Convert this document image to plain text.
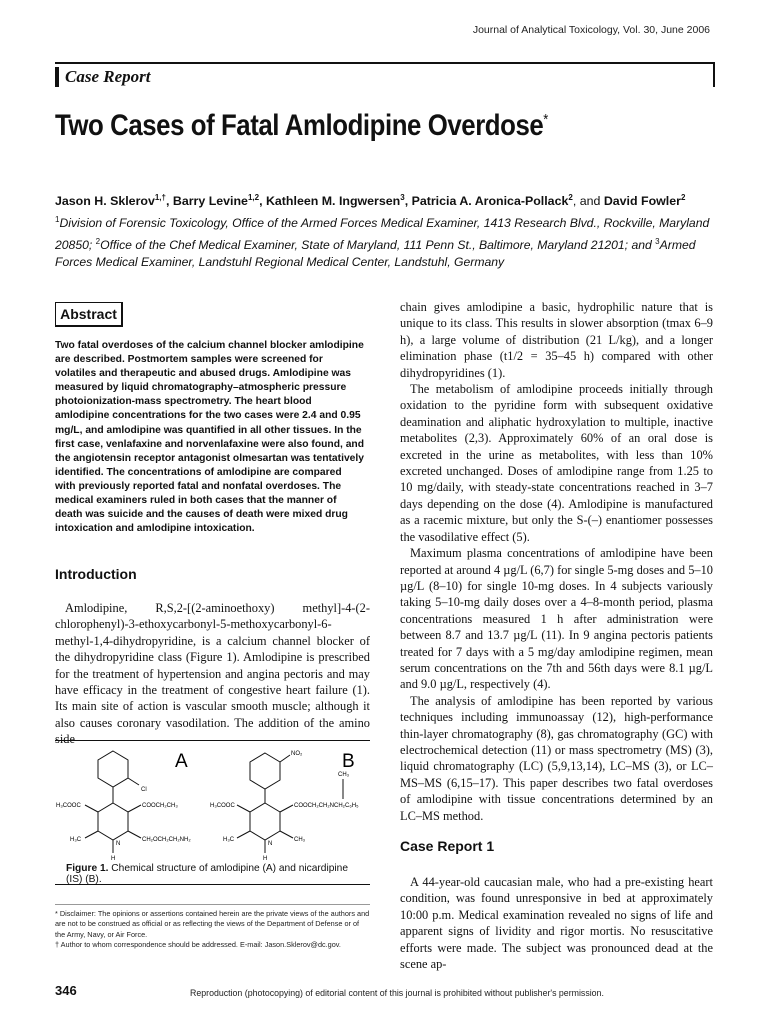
Journal of Analytical Toxicology, Vol. 30, June 2006
Case Report
Two Cases of Fatal Amlodipine Overdose*
Jason H. Sklerov$^{1,\dagger}$, Barry Levine$^{1,2}$, Kathleen M. Ingwersen$^3$, Patricia A. Aronica-Pollack$^2$, and David Fowler$^2$
$^1$Division of Forensic Toxicology, Office of the Armed Forces Medical Examiner, 1413 Research Blvd., Rockville, Maryland 20850; $^2$Office of the Chef Medical Examiner, State of Maryland, 111 Penn St., Baltimore, Maryland 21201; and $^3$Armed Forces Medical Examiner, Landstuhl Regional Medical Center, Landstuhl, Germany
Abstract
Two fatal overdoses of the calcium channel blocker amlodipine are described. Postmortem samples were screened for volatiles and therapeutic and abused drugs. Amlodipine was measured by liquid chromatography–atmospheric pressure photoionization-mass spectrometry. The heart blood amlodipine concentrations for the two cases were 2.4 and 0.95 mg/L, and amlodipine was quantified in all other tissues. In the first case, venlafaxine and norvenlafaxine were also found, and the angiotensin receptor antagonist olmesartan was tentatively identified. The concentrations of amlodipine are compared with previously reported fatal and nonfatal overdoses. The medical examiners ruled in both cases that the manner of death was suicide and the causes of death were mixed drug intoxication and amlodipine intoxication.
Introduction
Amlodipine, R,S,2-[(2-aminoethoxy) methyl]-4-(2-chlorophenyl)-3-ethoxycarbonyl-5-methoxycarbonyl-6-methyl-1,4-dihydropyridine, is a calcium channel blocker of the dihydropyridine class (Figure 1). Amlodipine is prescribed for the treatment of hypertension and angina pectoris and may have efficacy in the treatment of congestive heart failure (1). Its main site of action is vascular smooth muscle; although it also causes coronary vasodilation. The addition of the amino side
A	B
Cl
NO₂
CH₃
H₃COOC	COOCH₂CH₃
H₃C	CH₂OCH₂CH₂NH₂
H₃COOC	COOCH₂CH₂NCH₂C₆H₅
H₃C	CH₃
N	N
H	H
Figure 1. Chemical structure of amlodipine (A) and nicardipine (IS) (B).
* Disclaimer: The opinions or assertions contained herein are the private views of the authors and are not to be construed as official or as reflecting the views of the Department of Defense or of the Army, Navy, or Air Force.
† Author to whom correspondence should be addressed. E-mail: Jason.Sklerov@dc.gov.

chain gives amlodipine a basic, hydrophilic nature that is unique to its class. This results in slower absorption (tmax 6–9 h), a large volume of distribution (21 L/kg), and a longer elimination phase (t1/2 = 35–45 h) compared with other dihydropyridines (1).

The metabolism of amlodipine proceeds initially through oxidation to the pyridine form with subsequent oxidative deamination and aliphatic hydroxylation to multiple, inactive metabolites (2,3). Approximately 60% of an oral dose is excreted in the urine as metabolites, with less than 10% excreted unchanged. Doses of amlodipine range from 1.25 to 10 mg/daily, with steady-state concentrations reached in 3–7 days depending on the dose (4). Amlodipine is manufactured as a racemic mixture, but only the S-(–) enantiomer possesses the vasodilative effect (5).

Maximum plasma concentrations of amlodipine have been reported at around 4 µg/L (6,7) for single 5-mg doses and 5–10 µg/L (8–10) for single 10-mg doses. In 4 subjects variously taking 5–10-mg daily doses over a 4–8-month period, plasma concentrations measured 1 h after administration were between 8.7 and 13.7 µg/L (11). In 9 angina pectoris patients treated for 7 days with a 5 mg/day amlodipine regimen, mean serum concentrations on the 7th and 56th days were 8.1 µg/L and 9.0 µg/L, respectively (4).

The analysis of amlodipine has been reported by various techniques including immunoassay (12), high-performance thin-layer chromatography (8), gas chromatography (GC) with electrochemical detection (11) or mass spectrometry (MS) (3), liquid chromatography (LC) (5,9,13,14), LC–MS (3), or LC–MS–MS (6,15–17). This paper describes two fatal overdoses of amlodipine with tissue concentrations determined by an LC–MS method.

Case Report 1
A 44-year-old caucasian male, who had a pre-existing heart condition, was found unresponsive in bed at approximately 10:00 p.m. Medical examination revealed no signs of life and apparent signs of lividity and rigor mortis. No resuscitative efforts were made. The subject was pronounced dead at the scene ap-
346	Reproduction (photocopying) of editorial content of this journal is prohibited without publisher's permission.
